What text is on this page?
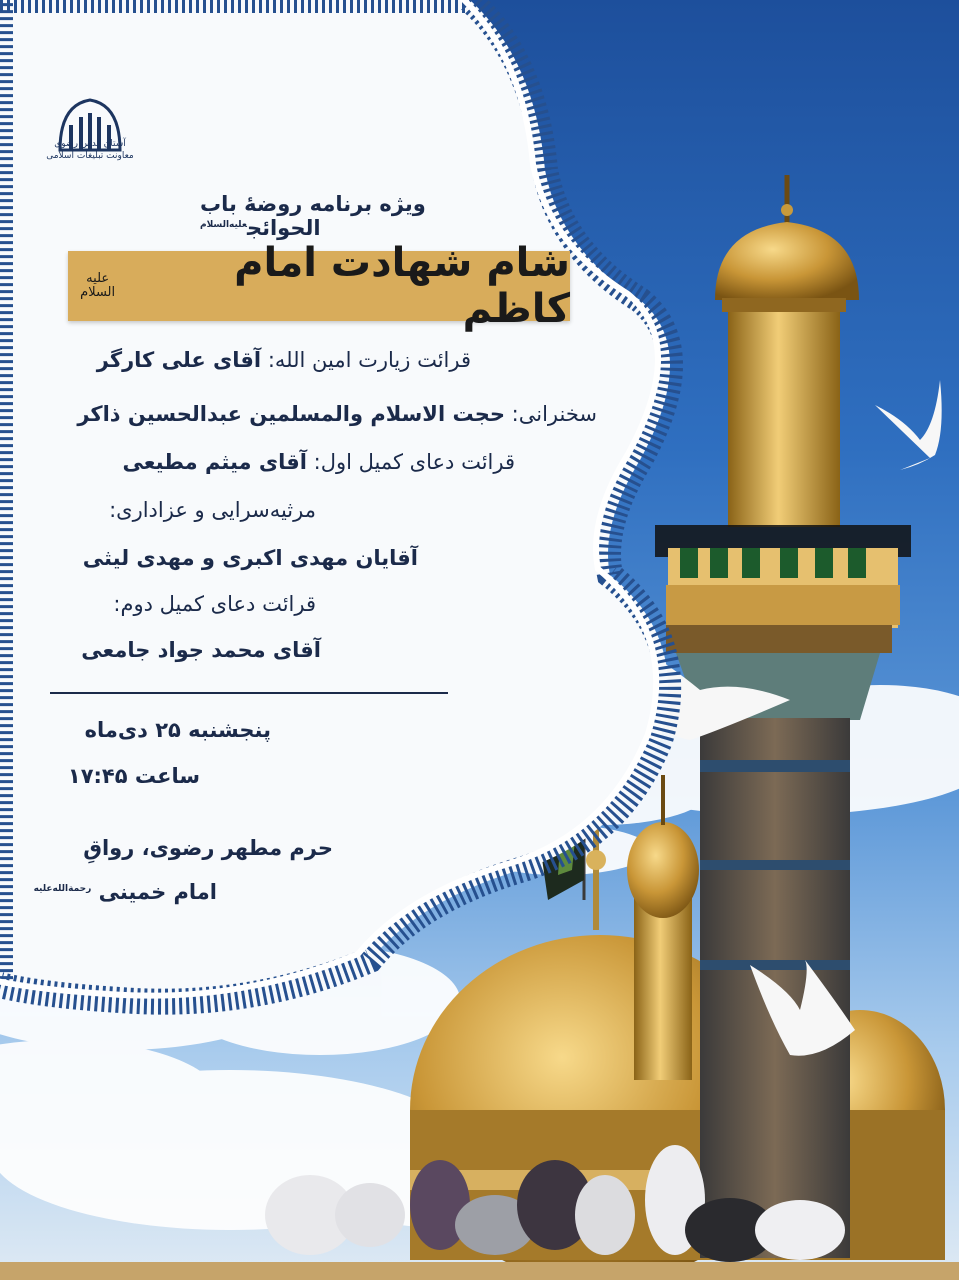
آستان قدس رضوی
معاونت تبلیغات اسلامی
ویژه برنامه روضهٔ باب الحوائج$^{علیه‌السلام}$
شام شهادت امام کاظم
علیه السلام
قرائت زیارت امین الله: آقای علی کارگر
سخنرانی: حجت الاسلام والمسلمین عبدالحسین ذاکر
قرائت دعای کمیل اول: آقای میثم مطیعی
مرثیه‌سرایی و عزاداری:
آقایان مهدی اکبری و مهدی لیثی
قرائت دعای کمیل دوم:
آقای محمد جواد جامعی
پنجشنبه ۲۵ دی‌ماه
ساعت ۱۷:۴۵
حرم مطهر رضوی، رواقِ
امام خمینی $^{رحمة‌الله‌علیه}$
